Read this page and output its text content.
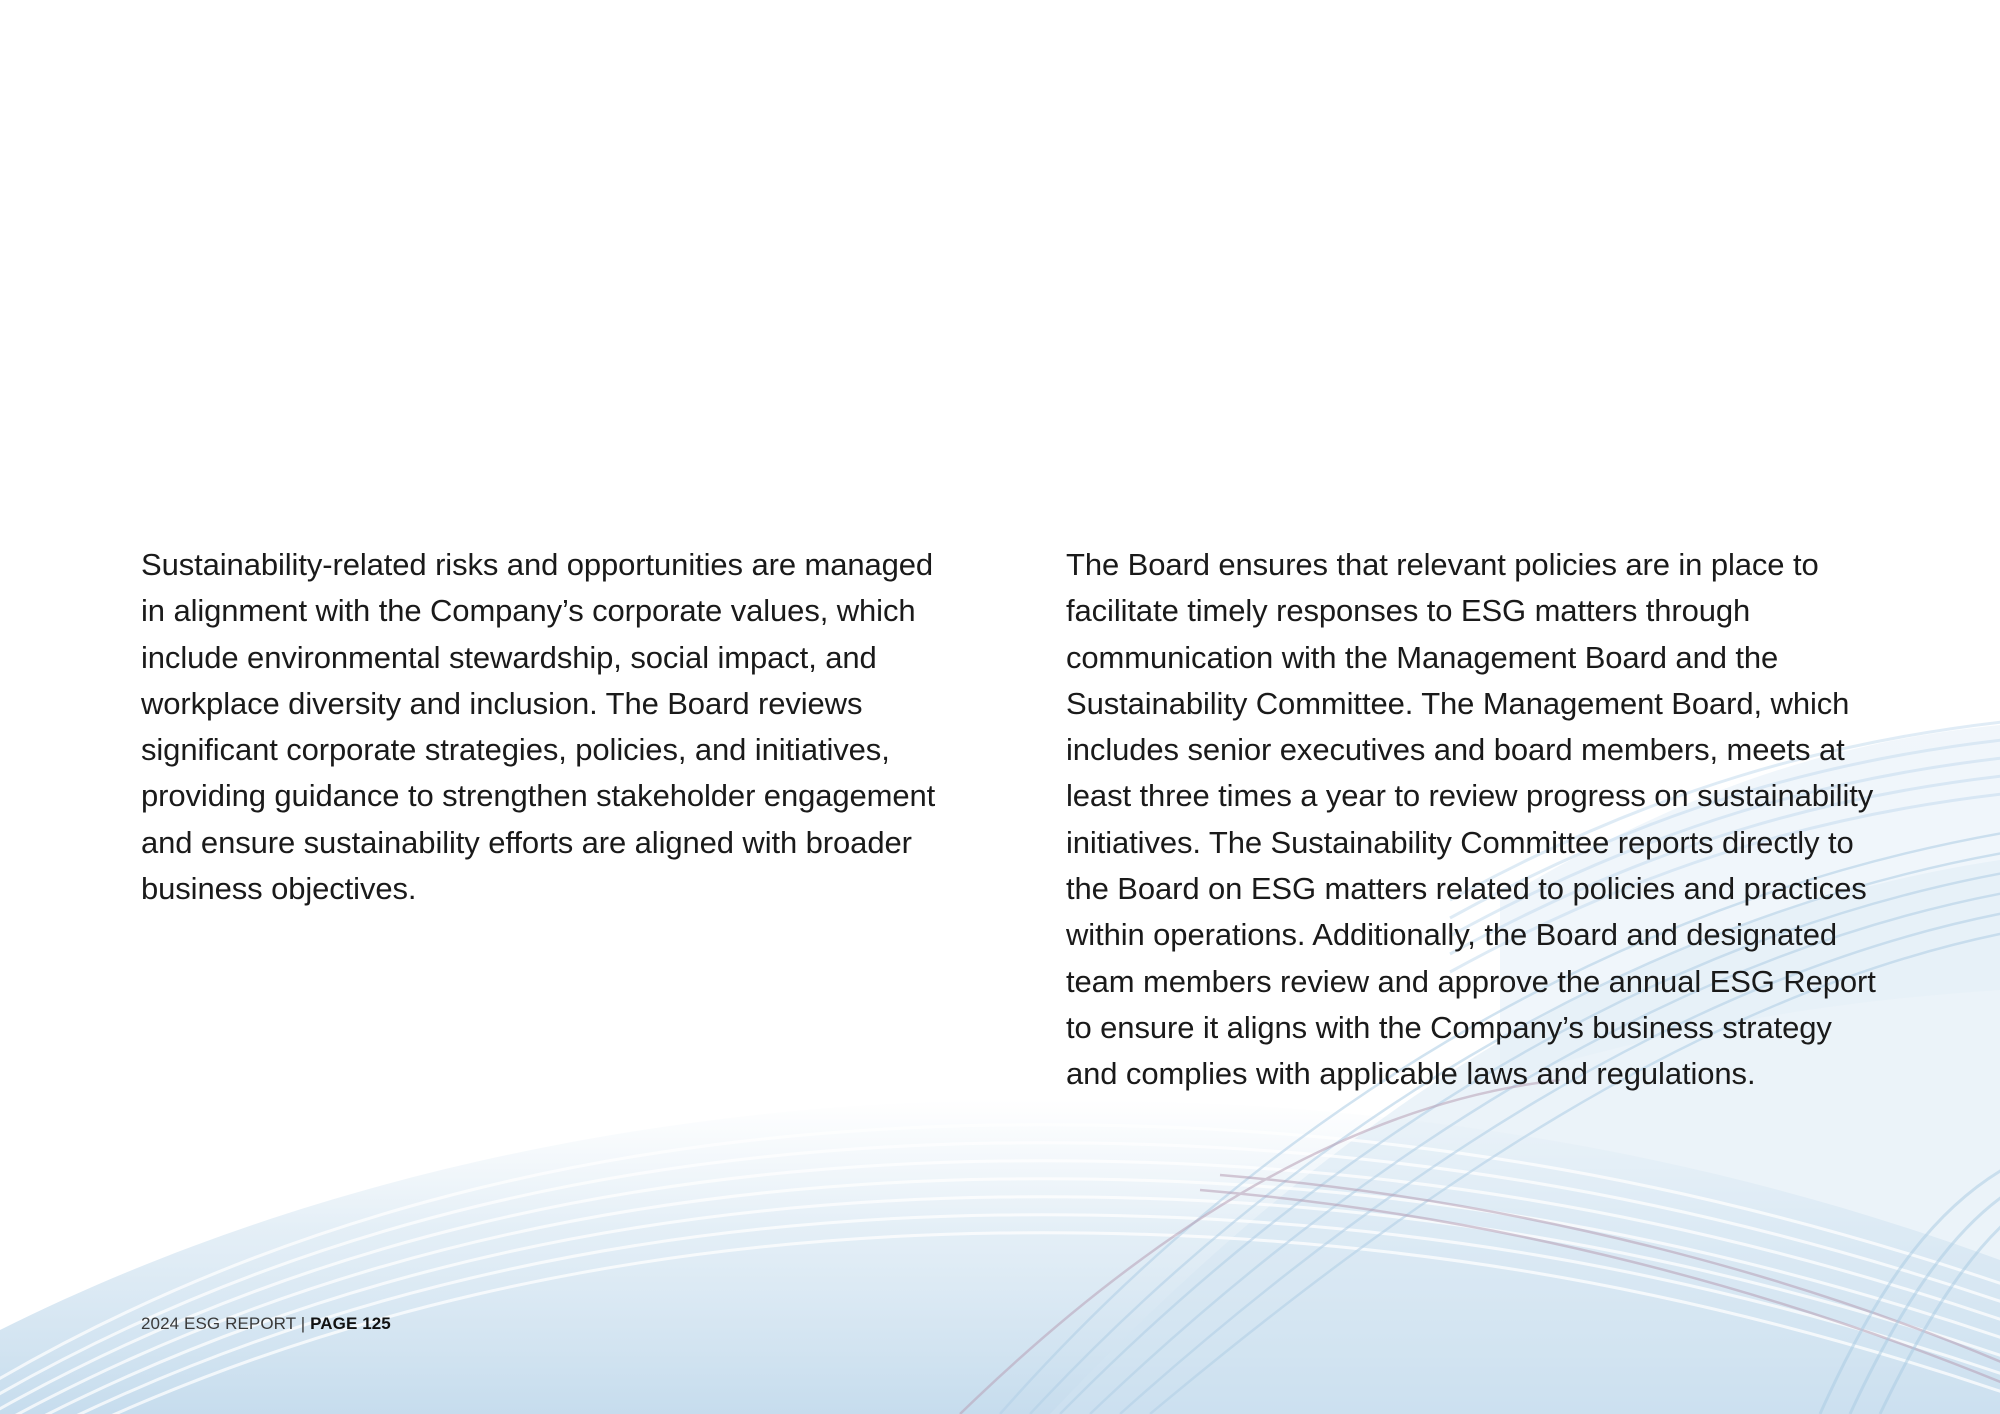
Sustainability-related risks and opportunities are managed in alignment with the Company’s corporate values, which include environmental stewardship, social impact, and workplace diversity and inclusion. The Board reviews significant corporate strategies, policies, and initiatives, providing guidance to strengthen stakeholder engagement and ensure sustainability efforts are aligned with broader business objectives.

The Board ensures that relevant policies are in place to facilitate timely responses to ESG matters through communication with the Management Board and the Sustainability Committee. The Management Board, which includes senior executives and board members, meets at least three times a year to review progress on sustainability initiatives. The Sustainability Committee reports directly to the Board on ESG matters related to policies and practices within operations. Additionally, the Board and designated team members review and approve the annual ESG Report to ensure it aligns with the Company’s business strategy and complies with applicable laws and regulations.

2024 ESG REPORT | PAGE 125
